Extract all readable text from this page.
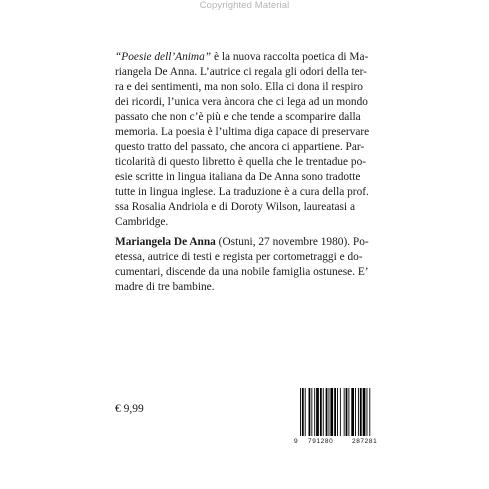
Copyrighted Material
“Poesie dell’Anima” è la nuova raccolta poetica di Ma-
riangela De Anna. L’autrice ci regala gli odori della ter-
ra e dei sentimenti, ma non solo. Ella ci dona il respiro
dei ricordi, l’unica vera àncora che ci lega ad un mondo
passato che non c’è più e che tende a scomparire dalla
memoria. La poesia è l’ultima diga capace di preservare
questo tratto del passato, che ancora ci appartiene. Par-
ticolarità di questo libretto è quella che le trentadue po-
esie scritte in lingua italiana da De Anna sono tradotte
tutte in lingua inglese. La traduzione è a cura della prof.
ssa Rosalia Andriola e di Doroty Wilson, laureatasi a
Cambridge.
Mariangela De Anna (Ostuni, 27 novembre 1980). Po-
etessa, autrice di testi e regista per cortometraggi e do-
cumentari, discende da una nobile famiglia ostunese. E’
madre di tre bambine.
€ 9,99
9 791280	287281
